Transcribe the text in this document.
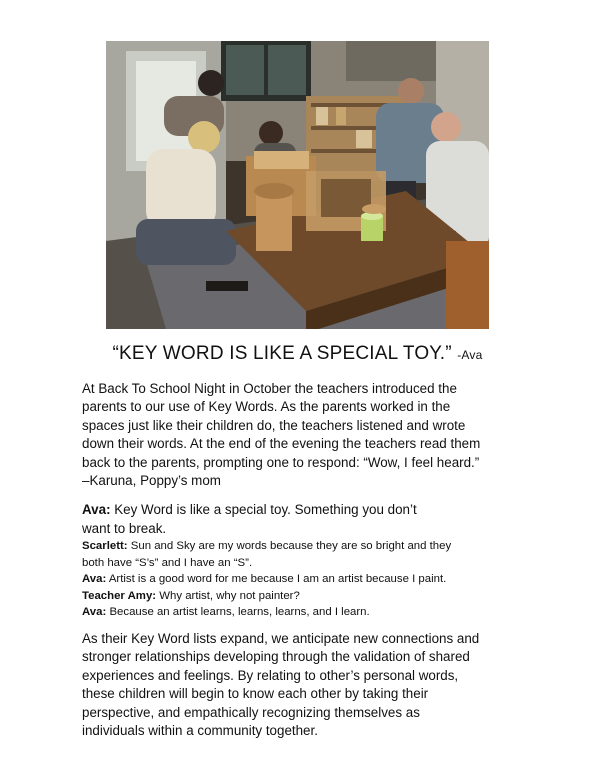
“KEY WORD IS LIKE A SPECIAL TOY.” -Ava

At Back To School Night in October the teachers introduced the
parents to our use of Key Words. As the parents worked in the
spaces just like their children do, the teachers listened and wrote
down their words. At the end of the evening the teachers read them
back to the parents, prompting one to respond: “Wow, I feel heard.”
–Karuna, Poppy’s mom

Ava: Key Word is like a special toy. Something you don’t

want to break.

Scarlett: Sun and Sky are my words because they are so bright and they

both have “S’s” and I have an “S”.

Ava: Artist is a good word for me because I am an artist because I paint.

Teacher Amy: Why artist, why not painter?

Ava: Because an artist learns, learns, learns, and I learn.

As their Key Word lists expand, we anticipate new connections and
stronger relationships developing through the validation of shared
experiences and feelings. By relating to other’s personal words,
these children will begin to know each other by taking their
perspective, and empathically recognizing themselves as
individuals within a community together.
